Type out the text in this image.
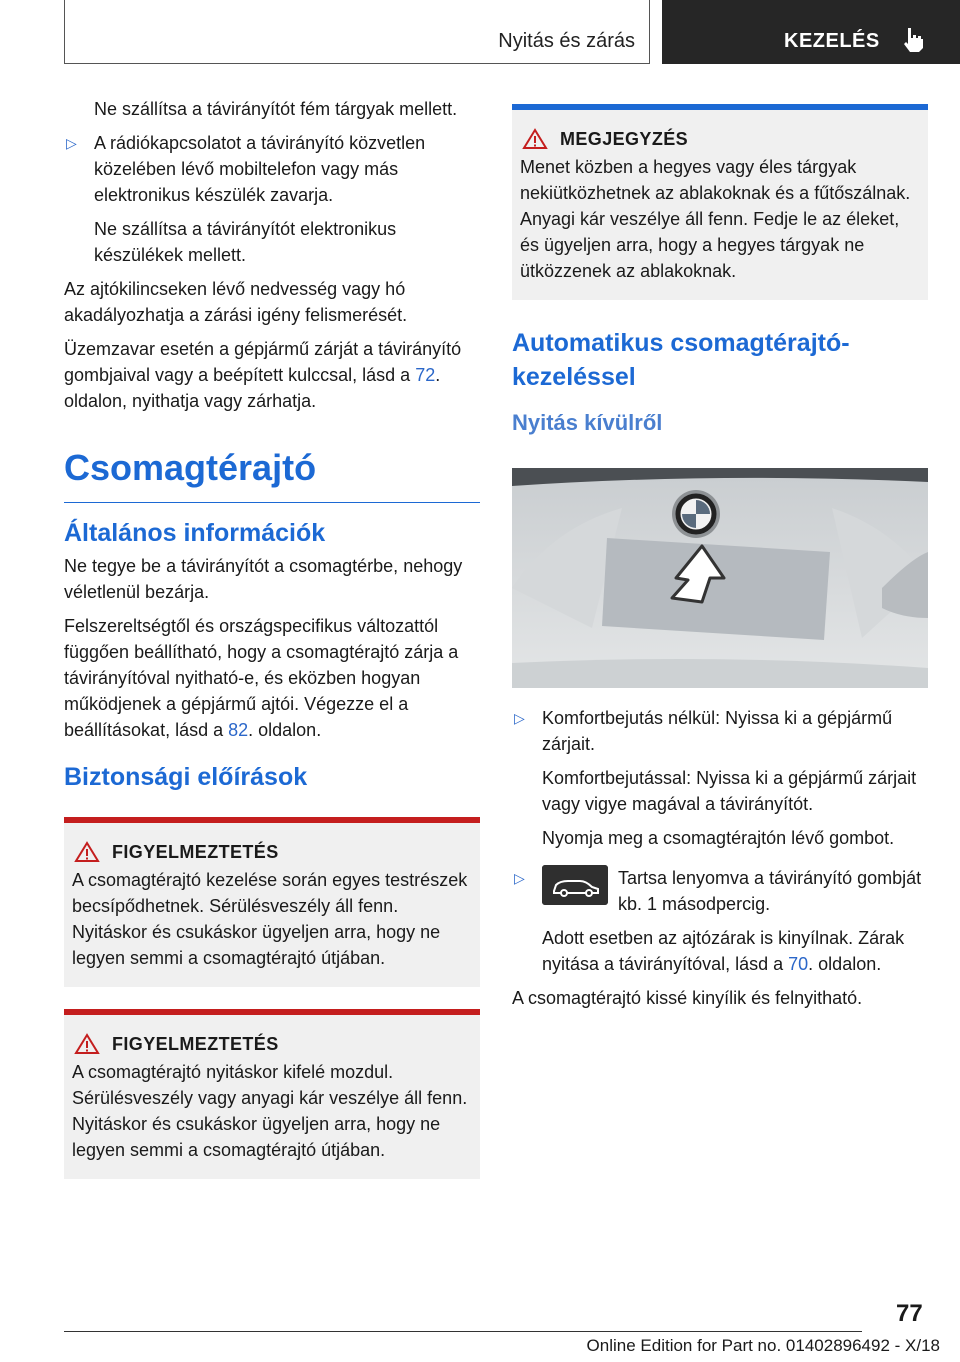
Nyitás és zárás	KEZELÉS

Ne szállítsa a távirányítót fém tárgyak mellett.

▷ A rádiókapcsolatot a távirányító közvetlen közelében lévő mobiltelefon vagy más elektronikus készülék zavarja.

Ne szállítsa a távirányítót elektronikus készülékek mellett.

Az ajtókilincseken lévő nedvesség vagy hó akadályozhatja a zárási igény felismerését.

Üzemzavar esetén a gépjármű zárját a távirányító gombjaival vagy a beépített kulccsal, lásd a 72. oldalon, nyithatja vagy zárhatja.

Csomagtérajtó
Általános információk

Ne tegye be a távirányítót a csomagtérbe, nehogy véletlenül bezárja.

Felszereltségtől és országspecifikus változattól függően beállítható, hogy a csomagtérajtó zárja a távirányítóval nyitható-e, és eközben hogyan működjenek a gépjármű ajtói. Végezze el a beállításokat, lásd a 82. oldalon.

Biztonsági előírások
FIGYELMEZTETÉS

A csomagtérajtó kezelése során egyes testrészek becsípődhetnek. Sérülésveszély áll fenn. Nyitáskor és csukáskor ügyeljen arra, hogy ne legyen semmi a csomagtérajtó útjában.

FIGYELMEZTETÉS

A csomagtérajtó nyitáskor kifelé mozdul. Sérülésveszély vagy anyagi kár veszélye áll fenn. Nyitáskor és csukáskor ügyeljen arra, hogy ne legyen semmi a csomagtérajtó útjában.

MEGJEGYZÉS

Menet közben a hegyes vagy éles tárgyak nekiütközhetnek az ablakoknak és a fűtőszálnak. Anyagi kár veszélye áll fenn. Fedje le az éleket, és ügyeljen arra, hogy a hegyes tárgyak ne ütközzenek az ablakoknak.

Automatikus csomagtérajtó-kezeléssel
Nyitás kívülről
▷ Komfortbejutás nélkül: Nyissa ki a gépjármű zárjait.

Komfortbejutással: Nyissa ki a gépjármű zárjait vagy vigye magával a távirányítót.

Nyomja meg a csomagtérajtón lévő gombot.

▷	Tartsa lenyomva a távirányító gombját kb. 1 másodpercig.

Adott esetben az ajtózárak is kinyílnak. Zárak nyitása a távirányítóval, lásd a 70. oldalon.

A csomagtérajtó kissé kinyílik és felnyitható.

77
Online Edition for Part no. 01402896492 - X/18
